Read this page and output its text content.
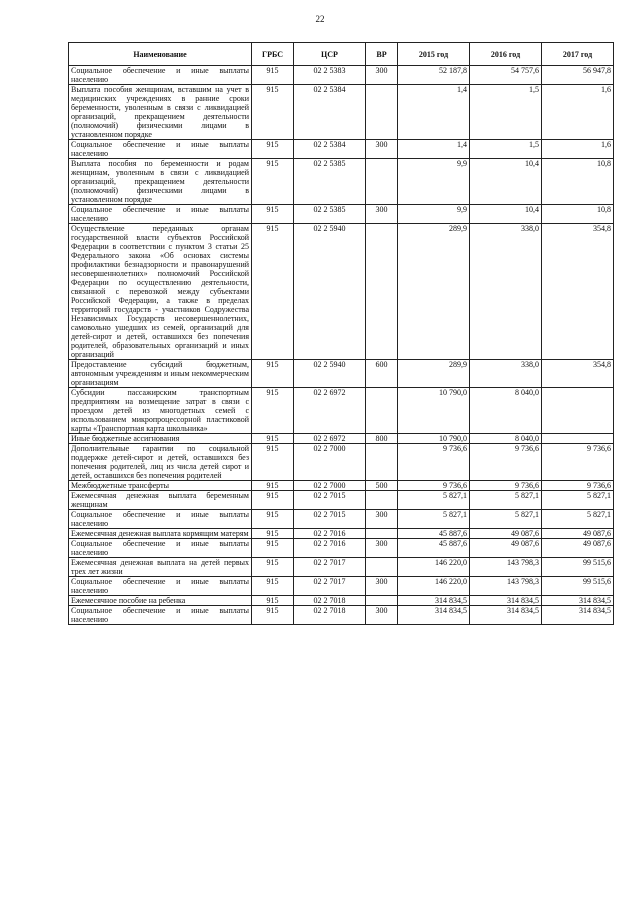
22
Наименование	ГРБС	ЦСР	ВР	2015 год	2016 год	2017 год
Социальное обеспечение и иные выплаты населению	915	02 2 5383	300	52 187,8	54 757,6	56 947,8
Выплата пособия женщинам, вставшим на учет в медицинских учреждениях в ранние сроки беременности, уволенным в связи с ликвидацией организаций, прекращением деятельности (полномочий) физическими лицами в установленном порядке	915	02 2 5384		1,4	1,5	1,6
Социальное обеспечение и иные выплаты населению	915	02 2 5384	300	1,4	1,5	1,6
Выплата пособия по беременности и родам женщинам, уволенным в связи с ликвидацией организаций, прекращением деятельности (полномочий) физическими лицами в установленном порядке	915	02 2 5385		9,9	10,4	10,8
Социальное обеспечение и иные выплаты населению	915	02 2 5385	300	9,9	10,4	10,8
Осуществление переданных органам государственной власти субъектов Российской Федерации в соответствии с пунктом 3 статьи 25 Федерального закона «Об основах системы профилактики безнадзорности и правонарушений несовершеннолетних» полномочий Российской Федерации по осуществлению деятельности, связанной с перевозкой между субъектами Российской Федерации, а также в пределах территорий государств - участников Содружества Независимых Государств несовершеннолетних, самовольно ушедших из семей, организаций для детей-сирот и детей, оставшихся без попечения родителей, образовательных организаций и иных организаций	915	02 2 5940		289,9	338,0	354,8
Предоставление субсидий бюджетным, автономным учреждениям и иным некоммерческим организациям	915	02 2 5940	600	289,9	338,0	354,8
Субсидии пассажирским транспортным предприятиям на возмещение затрат в связи с проездом детей из многодетных семей с использованием микропроцессорной пластиковой карты «Транспортная карта школьника»	915	02 2 6972		10 790,0	8 040,0	
Иные бюджетные ассигнования	915	02 2 6972	800	10 790,0	8 040,0	
Дополнительные гарантии по социальной поддержке детей-сирот и детей, оставшихся без попечения родителей, лиц из числа детей сирот и детей, оставшихся без попечения родителей	915	02 2 7000		9 736,6	9 736,6	9 736,6
Межбюджетные трансферты	915	02 2 7000	500	9 736,6	9 736,6	9 736,6
Ежемесячная денежная выплата беременным женщинам	915	02 2 7015		5 827,1	5 827,1	5 827,1
Социальное обеспечение и иные выплаты населению	915	02 2 7015	300	5 827,1	5 827,1	5 827,1
Ежемесячная денежная выплата кормящим матерям	915	02 2 7016		45 887,6	49 087,6	49 087,6
Социальное обеспечение и иные выплаты населению	915	02 2 7016	300	45 887,6	49 087,6	49 087,6
Ежемесячная денежная выплата на детей первых трех лет жизни	915	02 2 7017		146 220,0	143 798,3	99 515,6
Социальное обеспечение и иные выплаты населению	915	02 2 7017	300	146 220,0	143 798,3	99 515,6
Ежемесячное пособие на ребенка	915	02 2 7018		314 834,5	314 834,5	314 834,5
Социальное обеспечение и иные выплаты населению	915	02 2 7018	300	314 834,5	314 834,5	314 834,5
